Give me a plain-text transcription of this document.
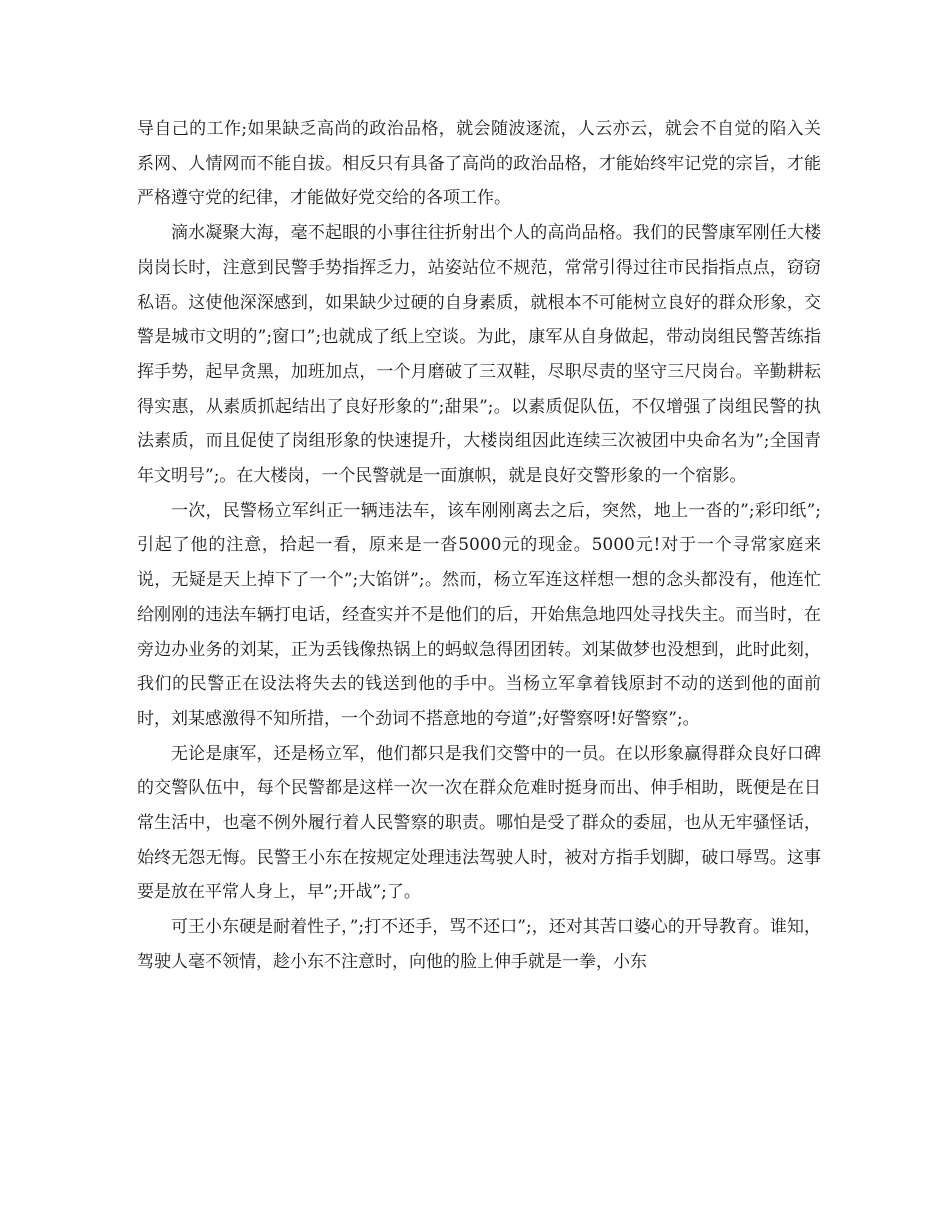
导自己的工作;如果缺乏高尚的政治品格，就会随波逐流，人云亦云，就会不自觉的陷入关系网、人情网而不能自拔。相反只有具备了高尚的政治品格，才能始终牢记党的宗旨，才能严格遵守党的纪律，才能做好党交给的各项工作。

滴水凝聚大海，毫不起眼的小事往往折射出个人的高尚品格。我们的民警康军刚任大楼岗岗长时，注意到民警手势指挥乏力，站姿站位不规范，常常引得过往市民指指点点，窃窃私语。这使他深深感到，如果缺少过硬的自身素质，就根本不可能树立良好的群众形象，交警是城市文明的”;窗口”;也就成了纸上空谈。为此，康军从自身做起，带动岗组民警苦练指挥手势，起早贪黑，加班加点，一个月磨破了三双鞋，尽职尽责的坚守三尺岗台。辛勤耕耘得实惠，从素质抓起结出了良好形象的”;甜果”;。以素质促队伍，不仅增强了岗组民警的执法素质，而且促使了岗组形象的快速提升，大楼岗组因此连续三次被团中央命名为”;全国青年文明号”;。在大楼岗，一个民警就是一面旗帜，就是良好交警形象的一个宿影。

一次，民警杨立军纠正一辆违法车，该车刚刚离去之后，突然，地上一沓的”;彩印纸”;引起了他的注意，拾起一看，原来是一沓5000元的现金。5000元!对于一个寻常家庭来说，无疑是天上掉下了一个”;大馅饼”;。然而，杨立军连这样想一想的念头都没有，他连忙给刚刚的违法车辆打电话，经查实并不是他们的后，开始焦急地四处寻找失主。而当时，在旁边办业务的刘某，正为丢钱像热锅上的蚂蚁急得团团转。刘某做梦也没想到，此时此刻，我们的民警正在设法将失去的钱送到他的手中。当杨立军拿着钱原封不动的送到他的面前时，刘某感激得不知所措，一个劲词不搭意地的夸道”;好警察呀!好警察”;。

无论是康军，还是杨立军，他们都只是我们交警中的一员。在以形象赢得群众良好口碑的交警队伍中，每个民警都是这样一次一次在群众危难时挺身而出、伸手相助，既便是在日常生活中，也毫不例外履行着人民警察的职责。哪怕是受了群众的委屈，也从无牢骚怪话，始终无怨无悔。民警王小东在按规定处理违法驾驶人时，被对方指手划脚，破口辱骂。这事要是放在平常人身上，早”;开战”;了。

可王小东硬是耐着性子，”;打不还手，骂不还口”;，还对其苦口婆心的开导教育。谁知，驾驶人毫不领情，趁小东不注意时，向他的脸上伸手就是一拳，小东
